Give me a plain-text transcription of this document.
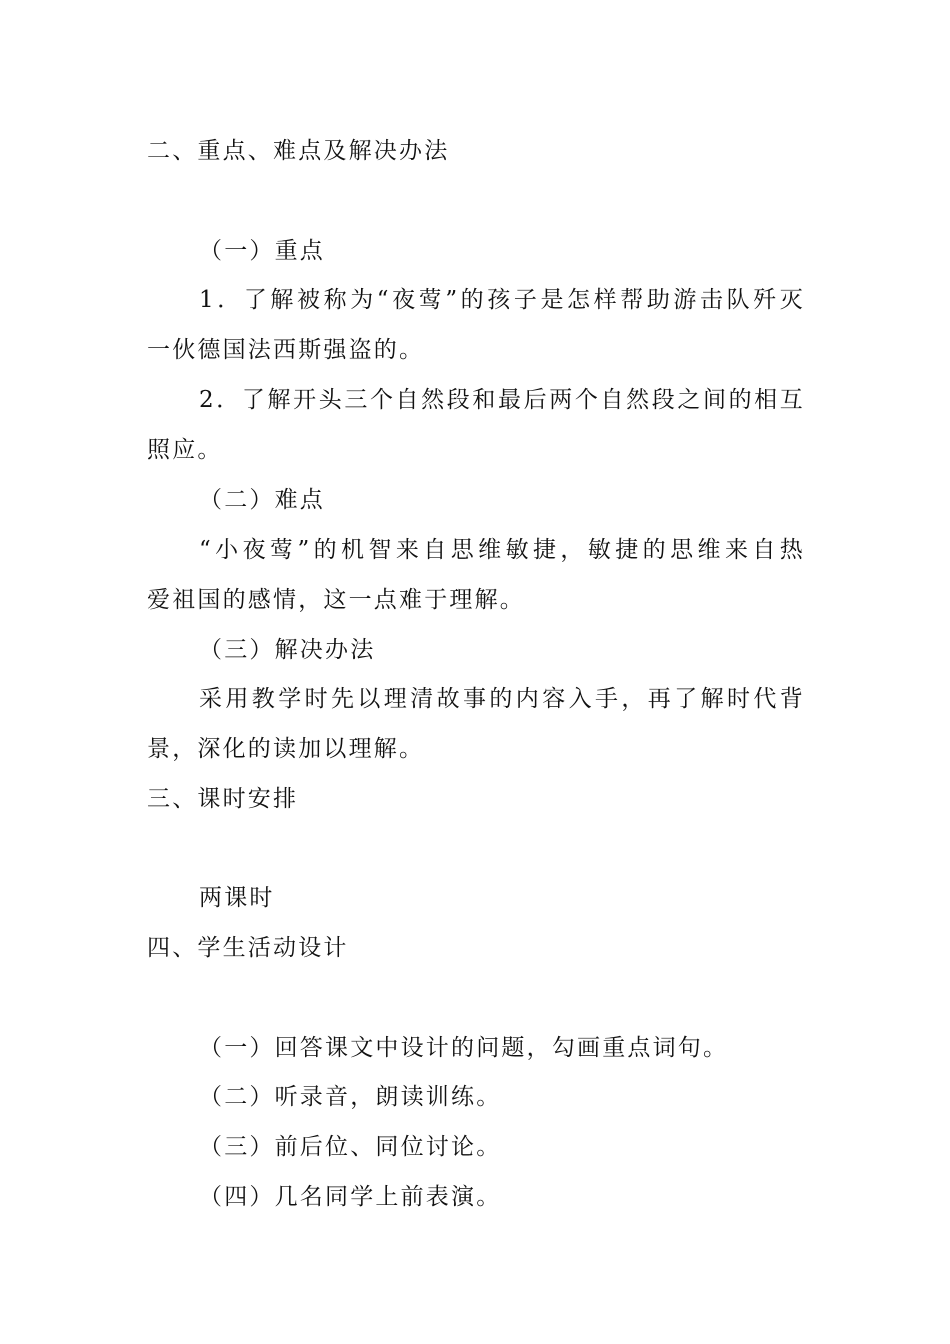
二、重点、难点及解决办法
（一）重点
1．了解被称为“夜莺”的孩子是怎样帮助游击队歼灭
一伙德国法西斯强盗的。
2．了解开头三个自然段和最后两个自然段之间的相互
照应。
（二）难点
“小夜莺”的机智来自思维敏捷，敏捷的思维来自热
爱祖国的感情，这一点难于理解。
（三）解决办法
采用教学时先以理清故事的内容入手，再了解时代背
景，深化的读加以理解。
三、课时安排
两课时
四、学生活动设计
（一）回答课文中设计的问题，勾画重点词句。
（二）听录音，朗读训练。
（三）前后位、同位讨论。
（四）几名同学上前表演。
